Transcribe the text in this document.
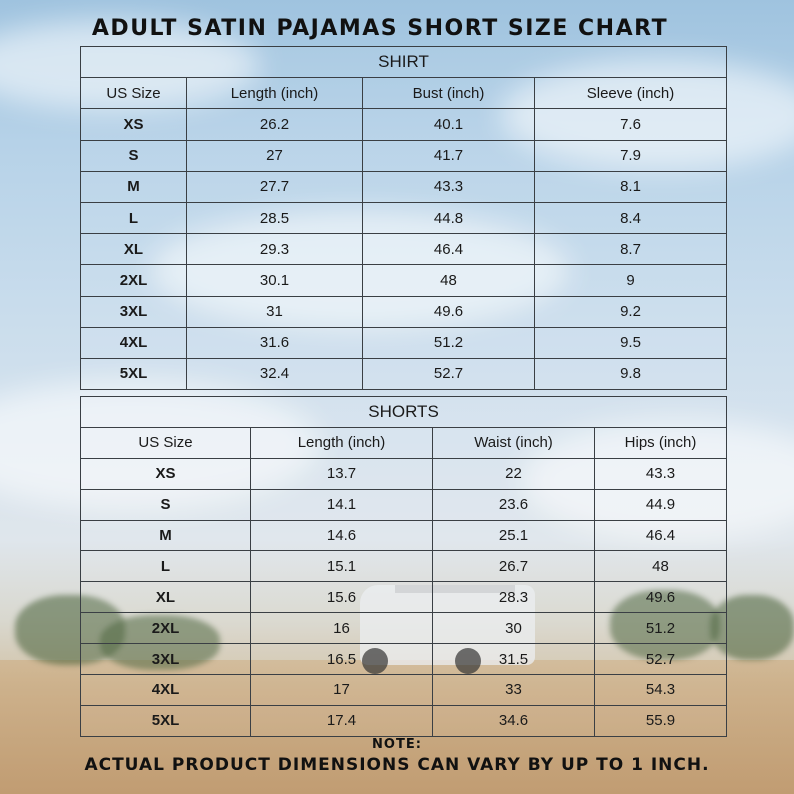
ADULT SATIN PAJAMAS SHORT SIZE CHART
SHIRT			
US Size	Length (inch)	Bust (inch)	Sleeve (inch)
XS	26.2	40.1	7.6
S	27	41.7	7.9
M	27.7	43.3	8.1
L	28.5	44.8	8.4
XL	29.3	46.4	8.7
2XL	30.1	48	9
3XL	31	49.6	9.2
4XL	31.6	51.2	9.5
5XL	32.4	52.7	9.8
SHORTS			
US Size	Length (inch)	Waist (inch)	Hips (inch)
XS	13.7	22	43.3
S	14.1	23.6	44.9
M	14.6	25.1	46.4
L	15.1	26.7	48
XL	15.6	28.3	49.6
2XL	16	30	51.2
3XL	16.5	31.5	52.7
4XL	17	33	54.3
5XL	17.4	34.6	55.9
NOTE:
ACTUAL PRODUCT DIMENSIONS CAN VARY BY UP TO 1 INCH.
